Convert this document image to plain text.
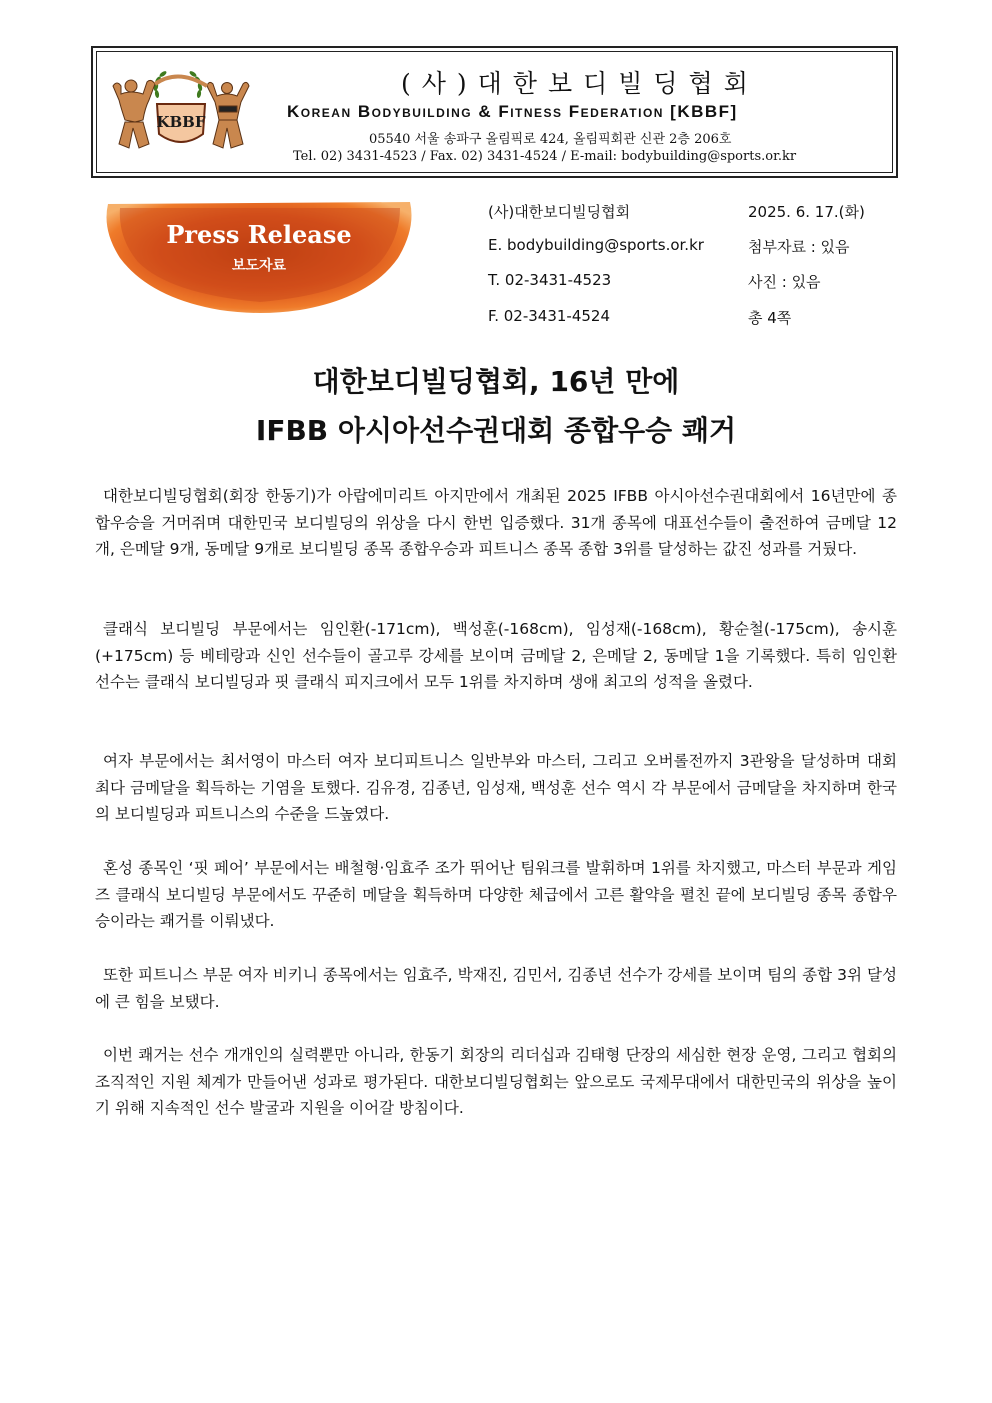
KBBF
(사)대한보디빌딩협회
Korean Bodybuilding & Fitness Federation [KBBF]
05540 서울 송파구 올림픽로 424, 올림픽회관 신관 2층 206호
Tel. 02) 3431-4523 / Fax. 02) 3431-4524 / E-mail: bodybuilding@sports.or.kr
Press Release
보도자료
(사)대한보디빌딩협회
E. bodybuilding@sports.or.kr
T. 02-3431-4523
F. 02-3431-4524
2025. 6. 17.(화)
첨부자료 : 있음
사진 : 있음
총 4쪽
대한보디빌딩협회, 16년 만에
IFBB 아시아선수권대회 종합우승 쾌거

대한보디빌딩협회(회장 한동기)가 아랍에미리트 아지만에서 개최된 2025 IFBB 아시아선수권대회에서 16년만에 종합우승을 거머쥐며 대한민국 보디빌딩의 위상을 다시 한번 입증했다. 31개 종목에 대표선수들이 출전하여 금메달 12개, 은메달 9개, 동메달 9개로 보디빌딩 종목 종합우승과 피트니스 종목 종합 3위를 달성하는 값진 성과를 거뒀다.

클래식 보디빌딩 부문에서는 임인환(-171cm), 백성훈(-168cm), 임성재(-168cm), 황순철(-175cm), 송시훈(+175cm) 등 베테랑과 신인 선수들이 골고루 강세를 보이며 금메달 2, 은메달 2, 동메달 1을 기록했다. 특히 임인환 선수는 클래식 보디빌딩과 핏 클래식 피지크에서 모두 1위를 차지하며 생애 최고의 성적을 올렸다.

여자 부문에서는 최서영이 마스터 여자 보디피트니스 일반부와 마스터, 그리고 오버롤전까지 3관왕을 달성하며 대회 최다 금메달을 획득하는 기염을 토했다. 김유경, 김종년, 임성재, 백성훈 선수 역시 각 부문에서 금메달을 차지하며 한국의 보디빌딩과 피트니스의 수준을 드높였다.

혼성 종목인 ‘핏 페어’ 부문에서는 배철형·임효주 조가 뛰어난 팀워크를 발휘하며 1위를 차지했고, 마스터 부문과 게임즈 클래식 보디빌딩 부문에서도 꾸준히 메달을 획득하며 다양한 체급에서 고른 활약을 펼친 끝에 보디빌딩 종목 종합우승이라는 쾌거를 이뤄냈다.

또한 피트니스 부문 여자 비키니 종목에서는 임효주, 박재진, 김민서, 김종년 선수가 강세를 보이며 팀의 종합 3위 달성에 큰 힘을 보탰다.

이번 쾌거는 선수 개개인의 실력뿐만 아니라, 한동기 회장의 리더십과 김태형 단장의 세심한 현장 운영, 그리고 협회의 조직적인 지원 체계가 만들어낸 성과로 평가된다. 대한보디빌딩협회는 앞으로도 국제무대에서 대한민국의 위상을 높이기 위해 지속적인 선수 발굴과 지원을 이어갈 방침이다.
